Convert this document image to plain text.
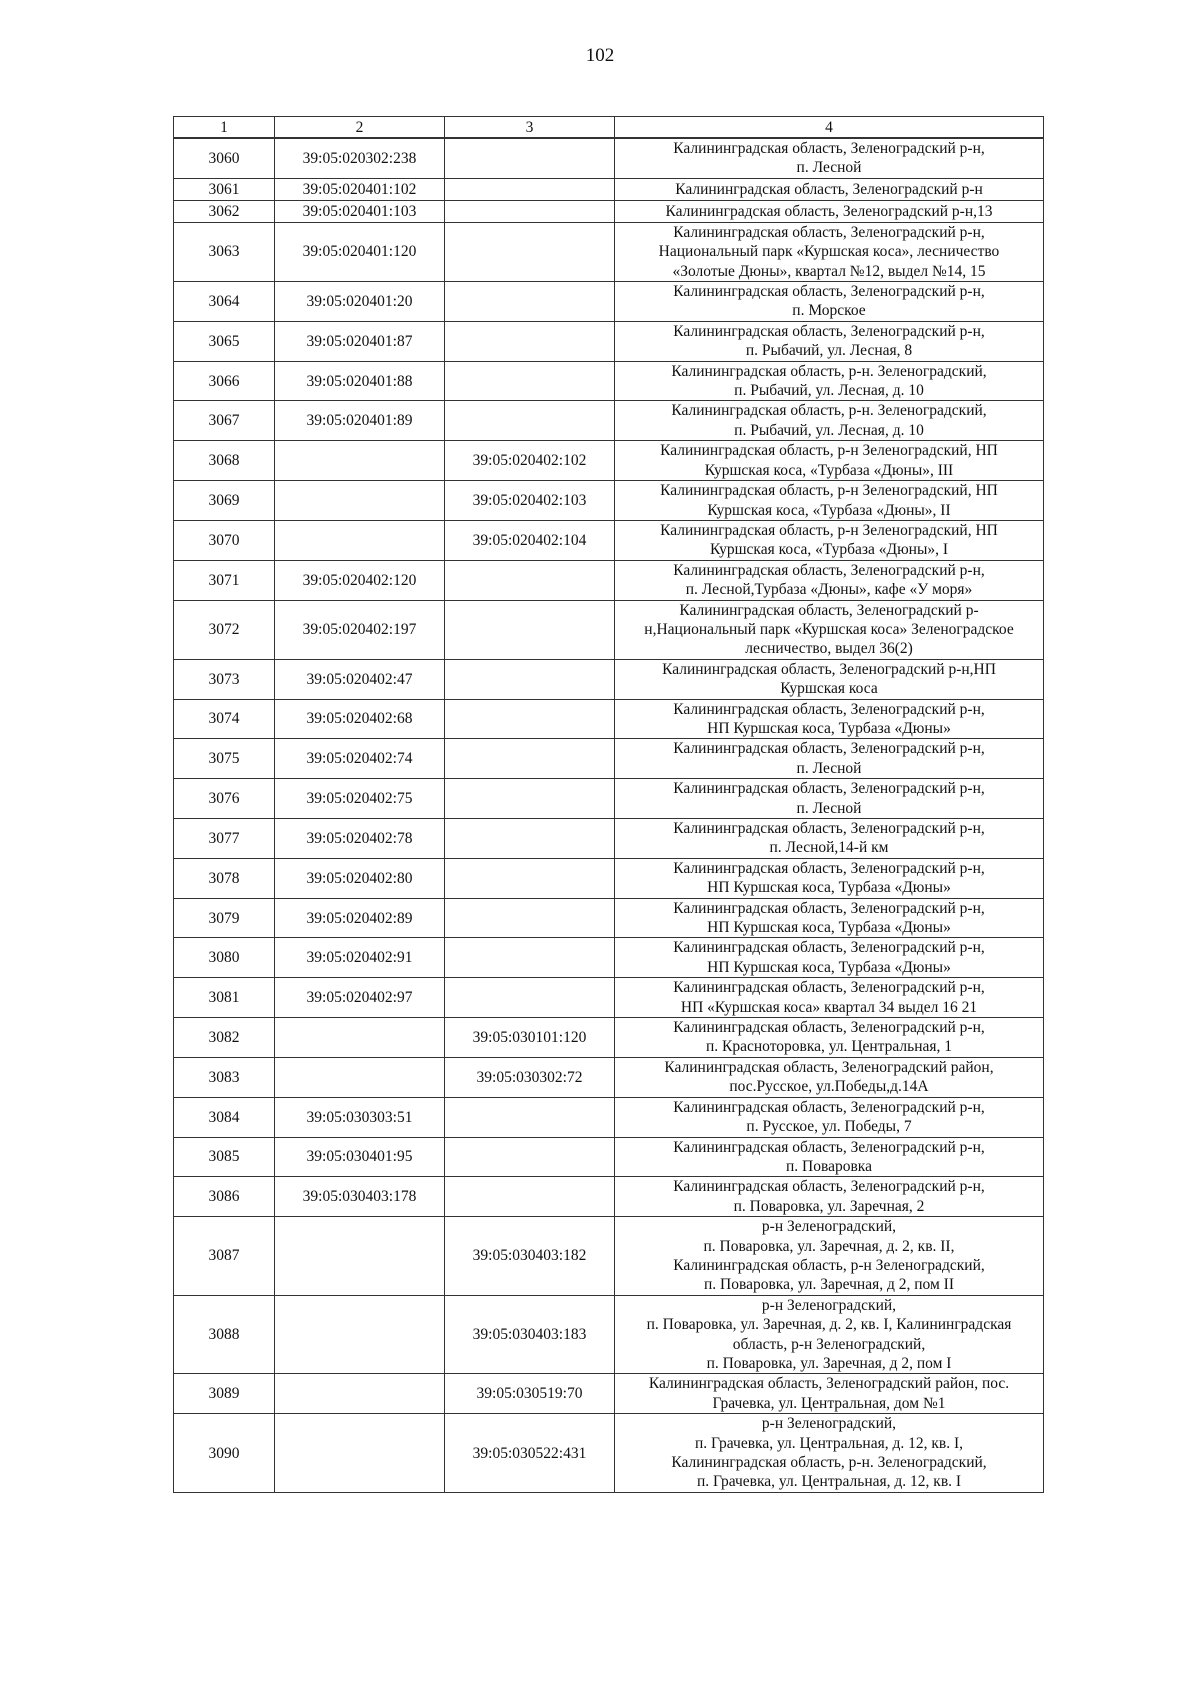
102
1	2	3	4
3060	39:05:020302:238		Калининградская область, Зеленоградский р-н,
п. Лесной

3061	39:05:020401:102		Калининградская область, Зеленоградский р-н

3062	39:05:020401:103		Калининградская область, Зеленоградский р-н,13

3063	39:05:020401:120		Калининградская область, Зеленоградский р-н,
Национальный парк «Куршская коса», лесничество
«Золотые Дюны», квартал №12, выдел №14, 15

3064	39:05:020401:20		Калининградская область, Зеленоградский р-н,
п. Морское

3065	39:05:020401:87		Калининградская область, Зеленоградский р-н,
п. Рыбачий, ул. Лесная, 8

3066	39:05:020401:88		Калининградская область, р-н. Зеленоградский,
п. Рыбачий, ул. Лесная, д. 10

3067	39:05:020401:89		Калининградская область, р-н. Зеленоградский,
п. Рыбачий, ул. Лесная, д. 10

3068		39:05:020402:102	Калининградская область, р-н Зеленоградский, НП
Куршская коса, «Турбаза «Дюны», III

3069		39:05:020402:103	Калининградская область, р-н Зеленоградский, НП
Куршская коса, «Турбаза «Дюны», II

3070		39:05:020402:104	Калининградская область, р-н Зеленоградский, НП
Куршская коса, «Турбаза «Дюны», I

3071	39:05:020402:120		Калининградская область, Зеленоградский р-н,
п. Лесной,Турбаза «Дюны», кафе «У моря»

3072	39:05:020402:197		Калининградская область, Зеленоградский р-
н,Национальный парк «Куршская коса» Зеленоградское
лесничество, выдел 36(2)

3073	39:05:020402:47		Калининградская область, Зеленоградский р-н,НП
Куршская коса

3074	39:05:020402:68		Калининградская область, Зеленоградский р-н,
НП Куршская коса, Турбаза «Дюны»

3075	39:05:020402:74		Калининградская область, Зеленоградский р-н,
п. Лесной

3076	39:05:020402:75		Калининградская область, Зеленоградский р-н,
п. Лесной

3077	39:05:020402:78		Калининградская область, Зеленоградский р-н,
п. Лесной,14-й км

3078	39:05:020402:80		Калининградская область, Зеленоградский р-н,
НП Куршская коса, Турбаза «Дюны»

3079	39:05:020402:89		Калининградская область, Зеленоградский р-н,
НП Куршская коса, Турбаза «Дюны»

3080	39:05:020402:91		Калининградская область, Зеленоградский р-н,
НП Куршская коса, Турбаза «Дюны»

3081	39:05:020402:97		Калининградская область, Зеленоградский р-н,
НП «Куршская коса» квартал 34 выдел 16 21

3082		39:05:030101:120	Калининградская область, Зеленоградский р-н,
п. Красноторовка, ул. Центральная, 1

3083		39:05:030302:72	Калининградская область, Зеленоградский район,
пос.Русское, ул.Победы,д.14А

3084	39:05:030303:51		Калининградская область, Зеленоградский р-н,
п. Русское, ул. Победы, 7

3085	39:05:030401:95		Калининградская область, Зеленоградский р-н,
п. Поваровка

3086	39:05:030403:178		Калининградская область, Зеленоградский р-н,
п. Поваровка, ул. Заречная, 2

3087		39:05:030403:182	р-н Зеленоградский,
п. Поваровка, ул. Заречная, д. 2, кв. II,
Калининградская область, р-н Зеленоградский,
п. Поваровка, ул. Заречная, д 2, пом II

3088		39:05:030403:183	р-н Зеленоградский,
п. Поваровка, ул. Заречная, д. 2, кв. I, Калининградская
область, р-н Зеленоградский,
п. Поваровка, ул. Заречная, д 2, пом I

3089		39:05:030519:70	Калининградская область, Зеленоградский район, пос.
Грачевка, ул. Центральная, дом №1

3090		39:05:030522:431	р-н Зеленоградский,
п. Грачевка, ул. Центральная, д. 12, кв. I,
Калининградская область, р-н. Зеленоградский,
п. Грачевка, ул. Центральная, д. 12, кв. I
